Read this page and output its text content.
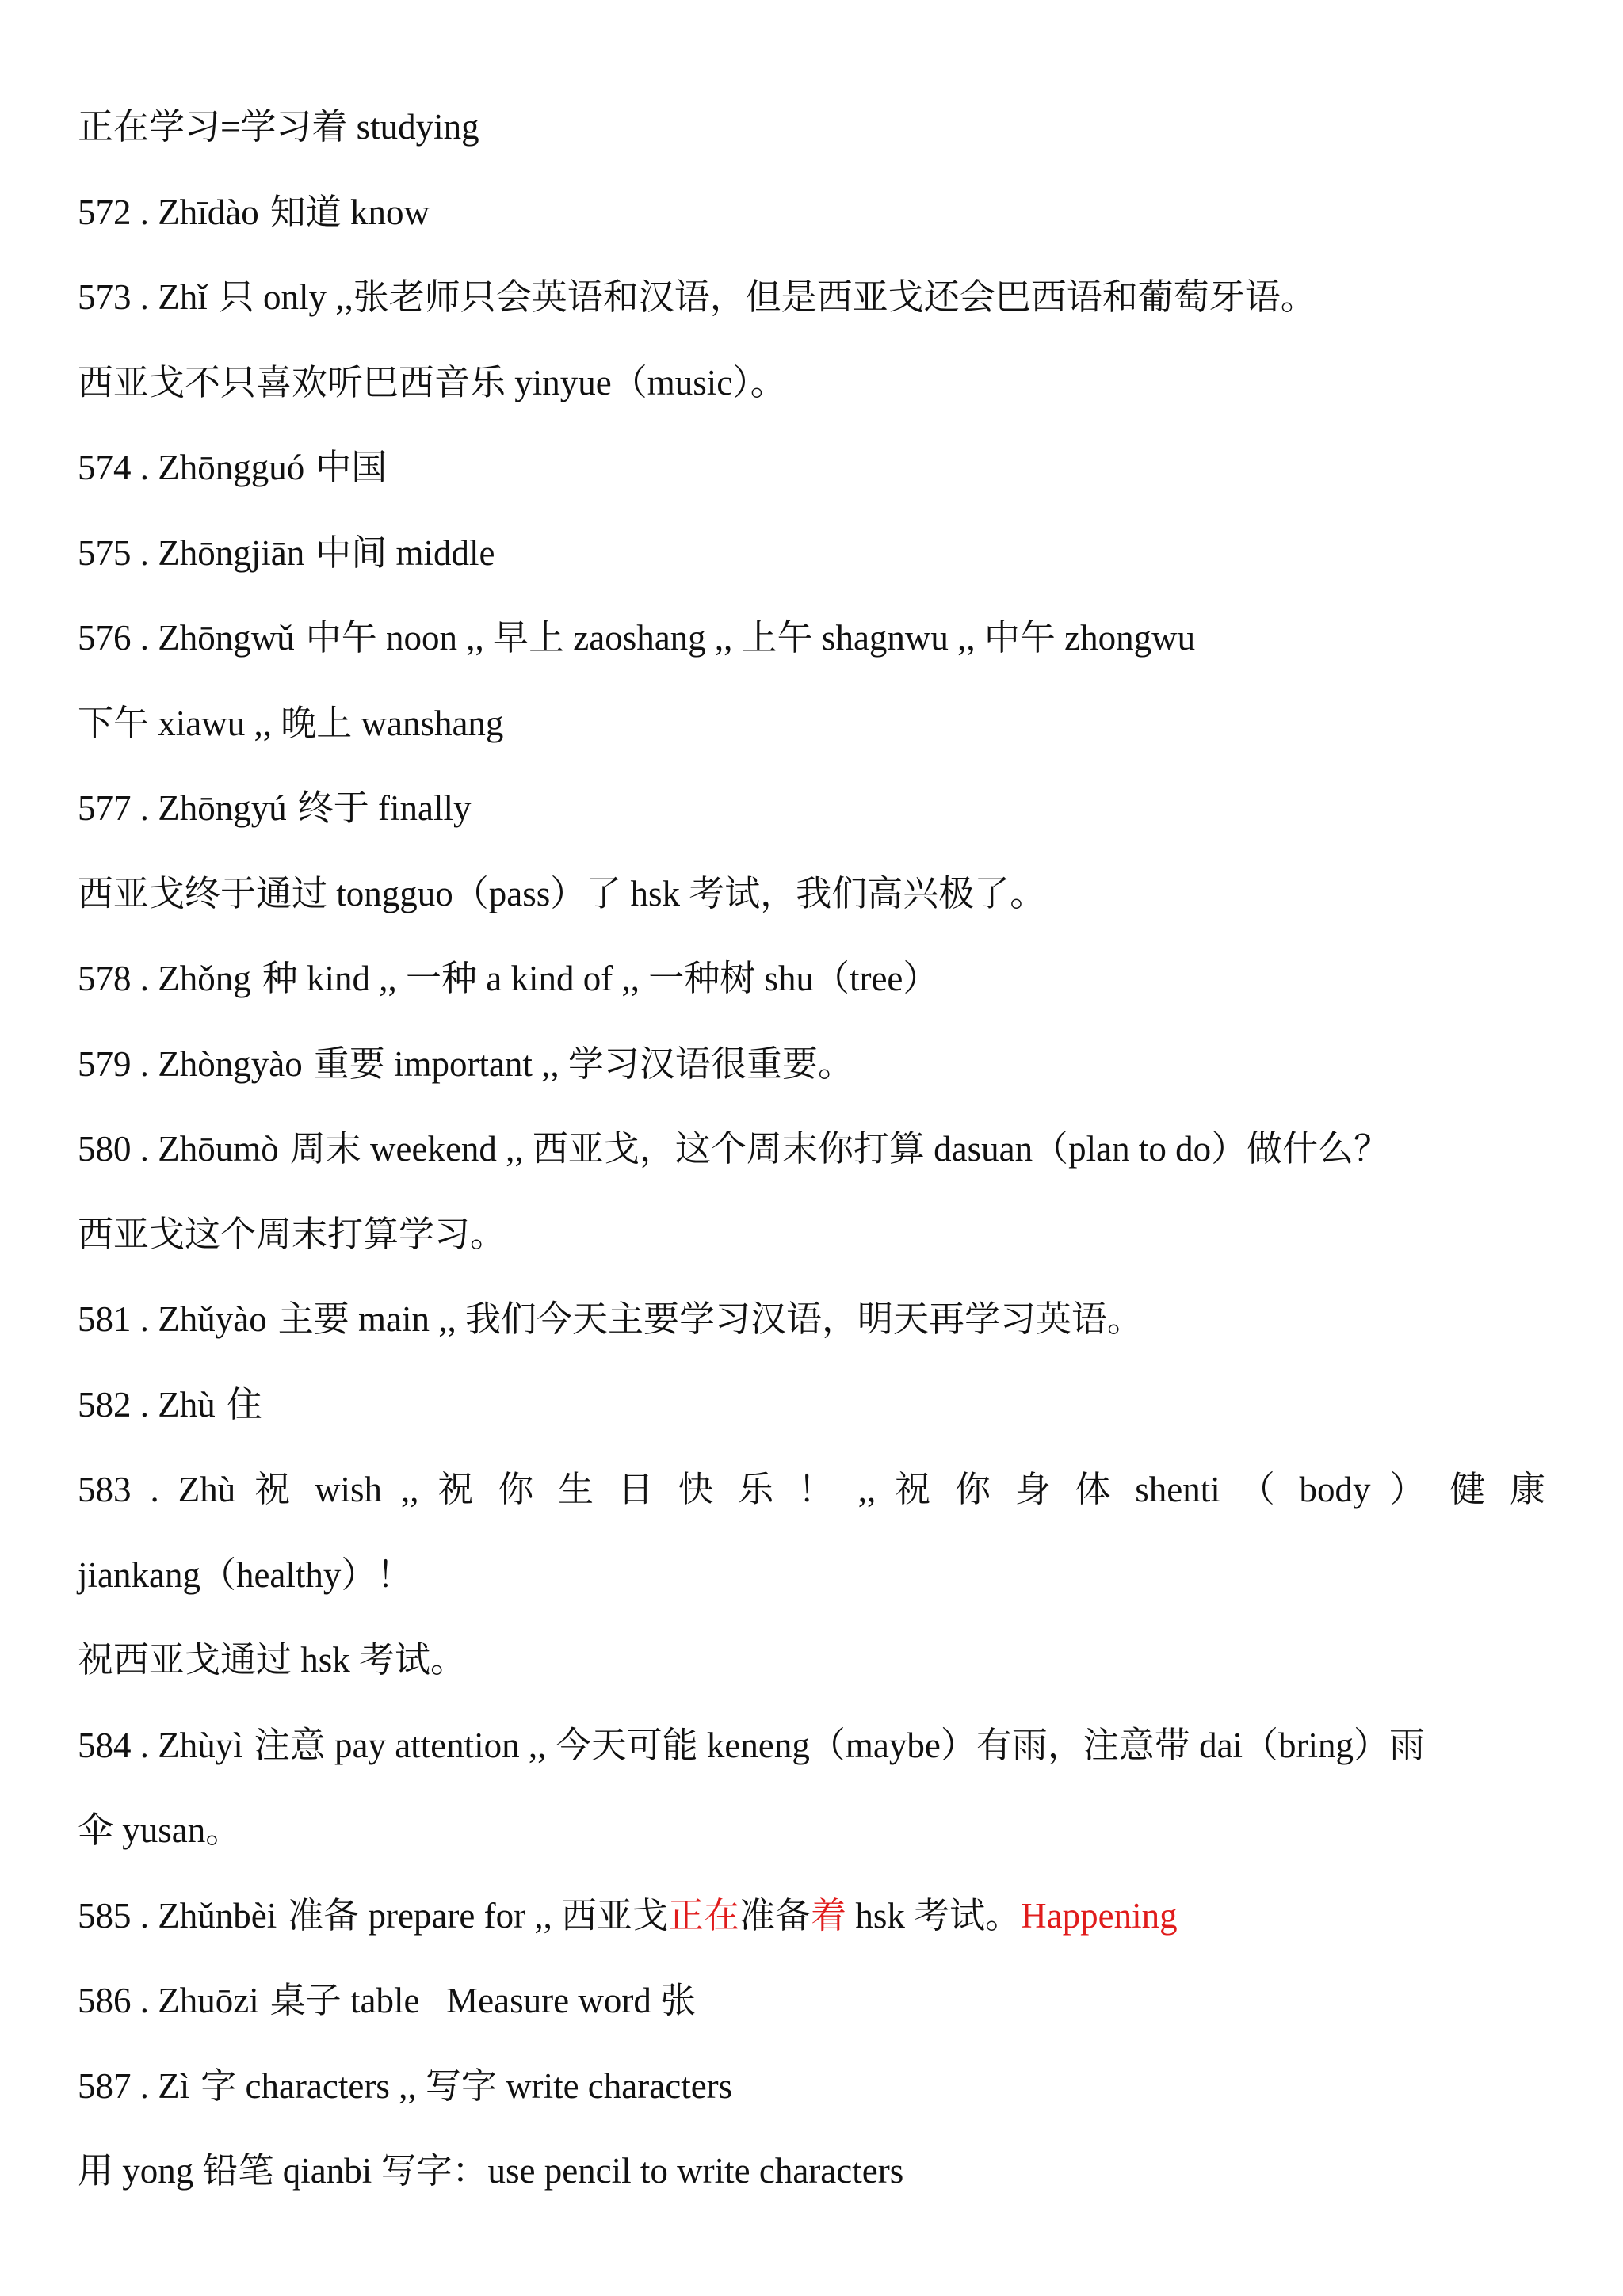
正在学习=学习着 studying
572 . Zhīdào 知道 know
573 . Zhǐ 只 only ,,张老师只会英语和汉语，但是西亚戈还会巴西语和葡萄牙语。
西亚戈不只喜欢听巴西音乐 yinyue（music）。
574 . Zhōngguó 中国
575 . Zhōngjiān 中间 middle
576 . Zhōngwǔ 中午 noon ,, 早上 zaoshang ,, 上午 shagnwu ,, 中午 zhongwu
下午 xiawu ,, 晚上 wanshang
577 . Zhōngyú 终于 finally
西亚戈终于通过 tongguo（pass）了 hsk 考试，我们高兴极了。
578 . Zhǒng 种 kind ,, 一种 a kind of ,, 一种树 shu（tree）
579 . Zhòngyào 重要 important ,, 学习汉语很重要。
580 . Zhōumò 周末 weekend ,, 西亚戈，这个周末你打算 dasuan（plan to do）做什么？
西亚戈这个周末打算学习。
581 . Zhǔyào 主要 main ,, 我们今天主要学习汉语，明天再学习英语。
582 . Zhù 住
583 . Zhù 祝 wish ,, 祝 你 生 日 快 乐 ！ ,, 祝 你 身 体 shenti （ body ） 健 康
jiankang（healthy）！
祝西亚戈通过 hsk 考试。
584 . Zhùyì 注意 pay attention ,, 今天可能 keneng（maybe）有雨，注意带 dai（bring）雨
伞 yusan。
585 . Zhǔnbèi 准备 prepare for ,, 西亚戈正在准备着 hsk 考试。Happening
586 . Zhuōzi 桌子 table   Measure word 张
587 . Zì 字 characters ,, 写字 write characters
用 yong 铅笔 qianbi 写字：use pencil to write characters
